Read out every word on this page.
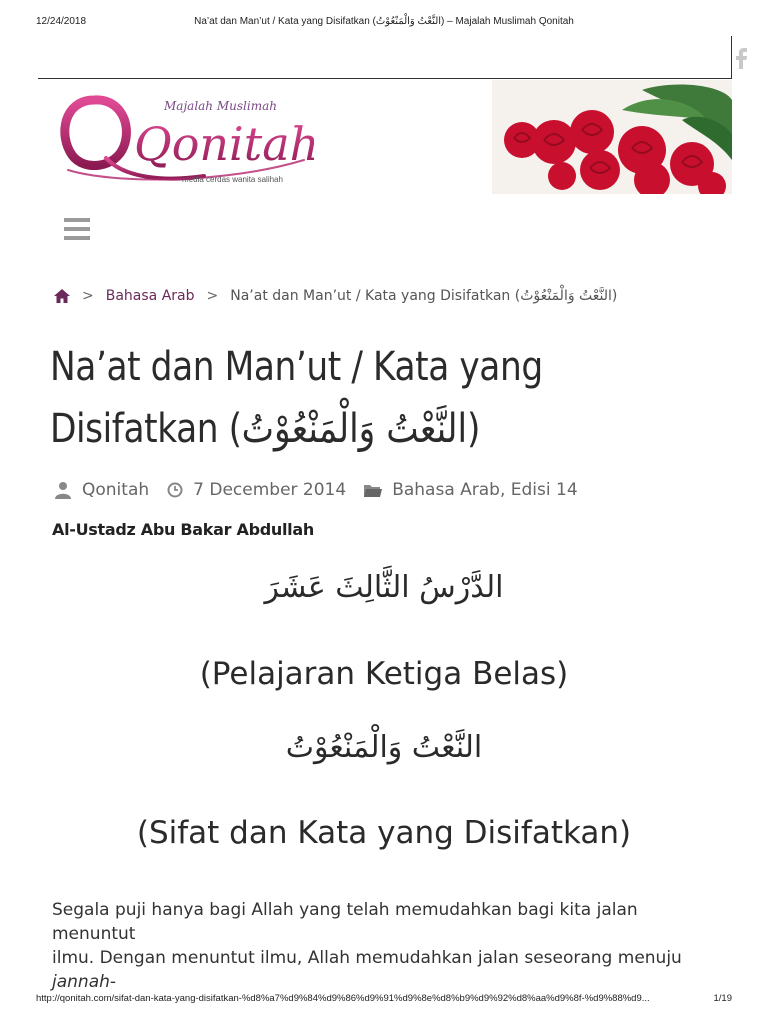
12/24/2018	Na’at dan Man’ut / Kata yang Disifatkan (النَّعْتُ وَالْمَنْعُوْتُ) – Majalah Muslimah Qonitah
Qonitah
Majalah Muslimah
media cerdas wanita salihah
> Bahasa Arab > Na’at dan Man’ut / Kata yang Disifatkan (النَّعْتُ وَالْمَنْعُوْتُ)
Na’at dan Man’ut / Kata yang
Disifatkan (النَّعْتُ وَالْمَنْعُوْتُ)
Qonitah	7 December 2014	Bahasa Arab, Edisi 14
Al-Ustadz Abu Bakar Abdullah
الدَّرْسُ الثَّالِثَ عَشَرَ
(Pelajaran Ketiga Belas)
النَّعْتُ وَالْمَنْعُوْتُ
(Sifat dan Kata yang Disifatkan)

Segala puji hanya bagi Allah yang telah memudahkan bagi kita jalan menuntut
ilmu. Dengan menuntut ilmu, Allah memudahkan jalan seseorang menuju jannah-

http://qonitah.com/sifat-dan-kata-yang-disifatkan-%d8%a7%d9%84%d9%86%d9%91%d9%8e%d8%b9%d9%92%d8%aa%d9%8f-%d9%88%d9...	1/19
